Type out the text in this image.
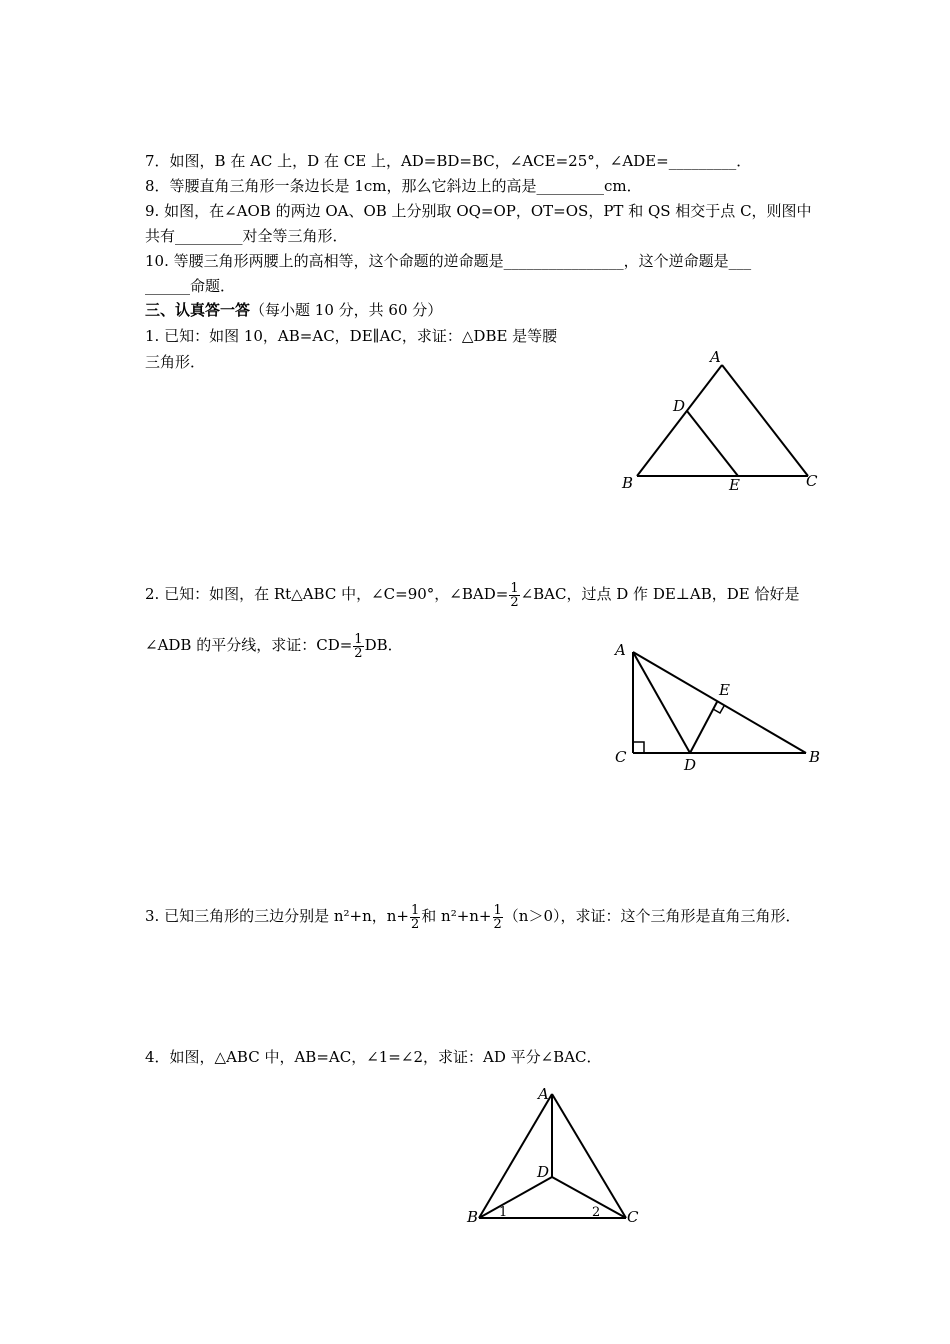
7．如图，B 在 AC 上，D 在 CE 上，AD=BD=BC，∠ACE=25°，∠ADE=_________．
8．等腰直角三角形一条边长是 1cm，那么它斜边上的高是_________cm．
9. 如图，在∠AOB 的两边 OA、OB 上分别取 OQ=OP，OT=OS，PT 和 QS 相交于点 C，则图中
共有_________对全等三角形．
10. 等腰三角形两腰上的高相等，这个命题的逆命题是________________，这个逆命题是___
______命题．
三、认真答一答（每小题 10 分，共 60 分）
1. 已知：如图 10，AB=AC，DE∥AC，求证：△DBE 是等腰
三角形．	A
D
B	E	C
2. 已知：如图，在 Rt△ABC 中，∠C=90°，∠BAD= $\frac{1}{2}$ ∠BAC，过点 D 作 DE⊥AB，DE 恰好是
∠ADB 的平分线，求证：$CD= \frac{1}{2}$ DB．	A
E
C	D	B
3. 已知三角形的三边分别是 n²+n，$n+ \frac{1}{2}$ 和 $n^2+n+ \frac{1}{2} (n>0)$，求证：这个三角形是直角三角形．
4．如图，△ABC 中，AB=AC，∠1=∠2，求证：AD 平分∠BAC．
A
D
B 1	2 C
